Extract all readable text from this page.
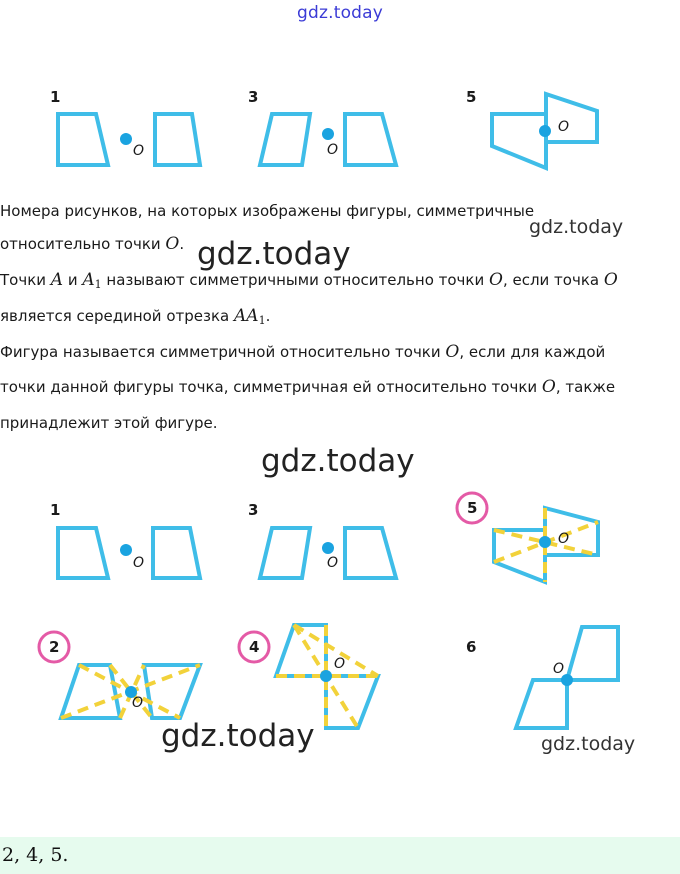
gdz.today
gdz.today
gdz.today
gdz.today
gdz.today	gdz.today
1	3	5
O	O
O
Номера рисунков, на которых изображены фигуры, симметричные
относительно точки O.
Точки A и $A_1$ называют симметричными относительно точки O, если точка O
является серединой отрезка $AA_1$.
Фигура называется симметричной относительно точки O, если для каждой
точки данной фигуры точка, симметричная ей относительно точки O, также
принадлежит этой фигуре.
1	3	5
2	4	6
O	O
O
O
O	O
2, 4, 5.
